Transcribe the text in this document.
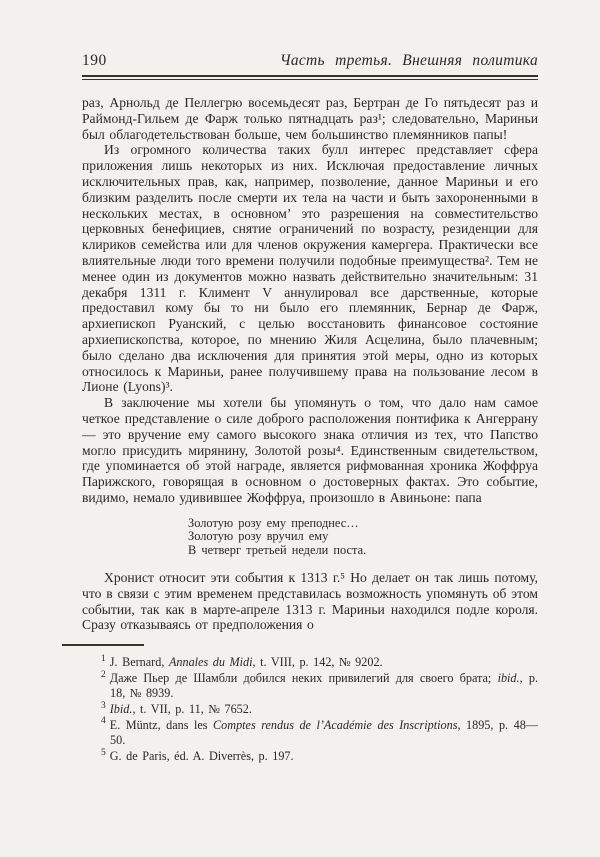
190	Часть третья. Внешняя политика

раз, Арнольд де Пеллегрю восемьдесят раз, Бертран де Го пятьдесят раз и Раймонд-Гильем де Фарж только пятнадцать раз¹; следовательно, Мариньи был облагодетельствован больше, чем большинство племянников папы!

Из огромного количества таких булл интерес представляет сфера приложения лишь некоторых из них. Исключая предоставление личных исключительных прав, как, например, позволение, данное Мариньи и его близким разделить после смерти их тела на части и быть захороненными в нескольких местах, в основном’ это разрешения на совместительство церковных бенефициев, снятие ограничений по возрасту, резиденции для клириков семейства или для членов окружения камергера. Практически все влиятельные люди того времени получили подобные преимущества². Тем не менее один из документов можно назвать действительно значительным: 31 декабря 1311 г. Климент V аннулировал все дарственные, которые предоставил кому бы то ни было его племянник, Бернар де Фарж, архиепископ Руанский, с целью восстановить финансовое состояние архиепископства, которое, по мнению Жиля Асцелина, было плачевным; было сделано два исключения для принятия этой меры, одно из которых относилось к Мариньи, ранее получившему права на пользование лесом в Лионе (Lyons)³.

В заключение мы хотели бы упомянуть о том, что дало нам самое четкое представление о силе доброго расположения понтифика к Ангеррану — это вручение ему самого высокого знака отличия из тех, что Папство могло присудить мирянину, Золотой розы⁴. Единственным свидетельством, где упоминается об этой награде, является рифмованная хроника Жоффруа Парижского, говорящая в основном о достоверных фактах. Это событие, видимо, немало удивившее Жоффруа, произошло в Авиньоне: папа

Золотую розу ему преподнес…
Золотую розу вручил ему
В четверг третьей недели поста.

Хронист относит эти события к 1313 г.⁵ Но делает он так лишь потому, что в связи с этим временем представилась возможность упомянуть об этом событии, так как в марте-апреле 1313 г. Мариньи находился подле короля. Сразу отказываясь от предположения о

$^1$ J. Bernard, Annales du Midi, t. VIII, p. 142, № 9202.
$^2$ Даже Пьер де Шамбли добился неких привилегий для своего брата; ibid., p. 18, № 8939.
$^3$ Ibid., t. VII, p. 11, № 7652.
$^4$ E. Müntz, dans les Comptes rendus de l’Académie des Inscriptions, 1895, p. 48—50.
$^5$ G. de Paris, éd. A. Diverrès, p. 197.
